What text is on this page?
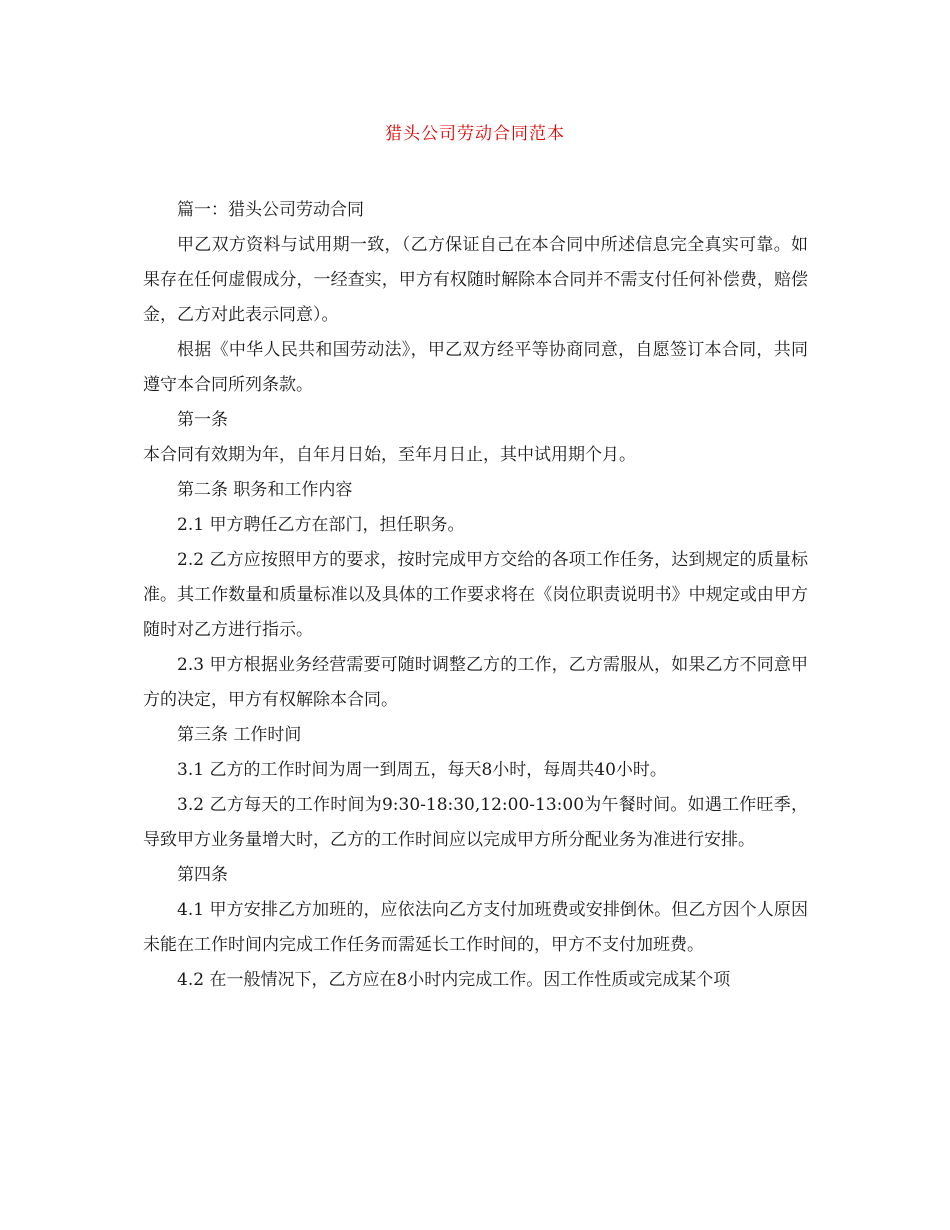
猎头公司劳动合同范本

篇一：猎头公司劳动合同

甲乙双方资料与试用期一致，（乙方保证自己在本合同中所述信息完全真实可靠。如果存在任何虚假成分，一经查实，甲方有权随时解除本合同并不需支付任何补偿费，赔偿金，乙方对此表示同意）。

根据《中华人民共和国劳动法》，甲乙双方经平等协商同意，自愿签订本合同，共同遵守本合同所列条款。

第一条

本合同有效期为年，自年月日始，至年月日止，其中试用期个月。

第二条 职务和工作内容

2.1 甲方聘任乙方在部门，担任职务。

2.2 乙方应按照甲方的要求，按时完成甲方交给的各项工作任务，达到规定的质量标准。其工作数量和质量标准以及具体的工作要求将在《岗位职责说明书》中规定或由甲方随时对乙方进行指示。

2.3 甲方根据业务经营需要可随时调整乙方的工作，乙方需服从，如果乙方不同意甲方的决定，甲方有权解除本合同。

第三条 工作时间

3.1 乙方的工作时间为周一到周五，每天8小时，每周共40小时。

3.2 乙方每天的工作时间为9:30-18:30,12:00-13:00为午餐时间。如遇工作旺季，导致甲方业务量增大时，乙方的工作时间应以完成甲方所分配业务为准进行安排。

第四条

4.1 甲方安排乙方加班的，应依法向乙方支付加班费或安排倒休。但乙方因个人原因未能在工作时间内完成工作任务而需延长工作时间的，甲方不支付加班费。

4.2 在一般情况下，乙方应在8小时内完成工作。因工作性质或完成某个项
